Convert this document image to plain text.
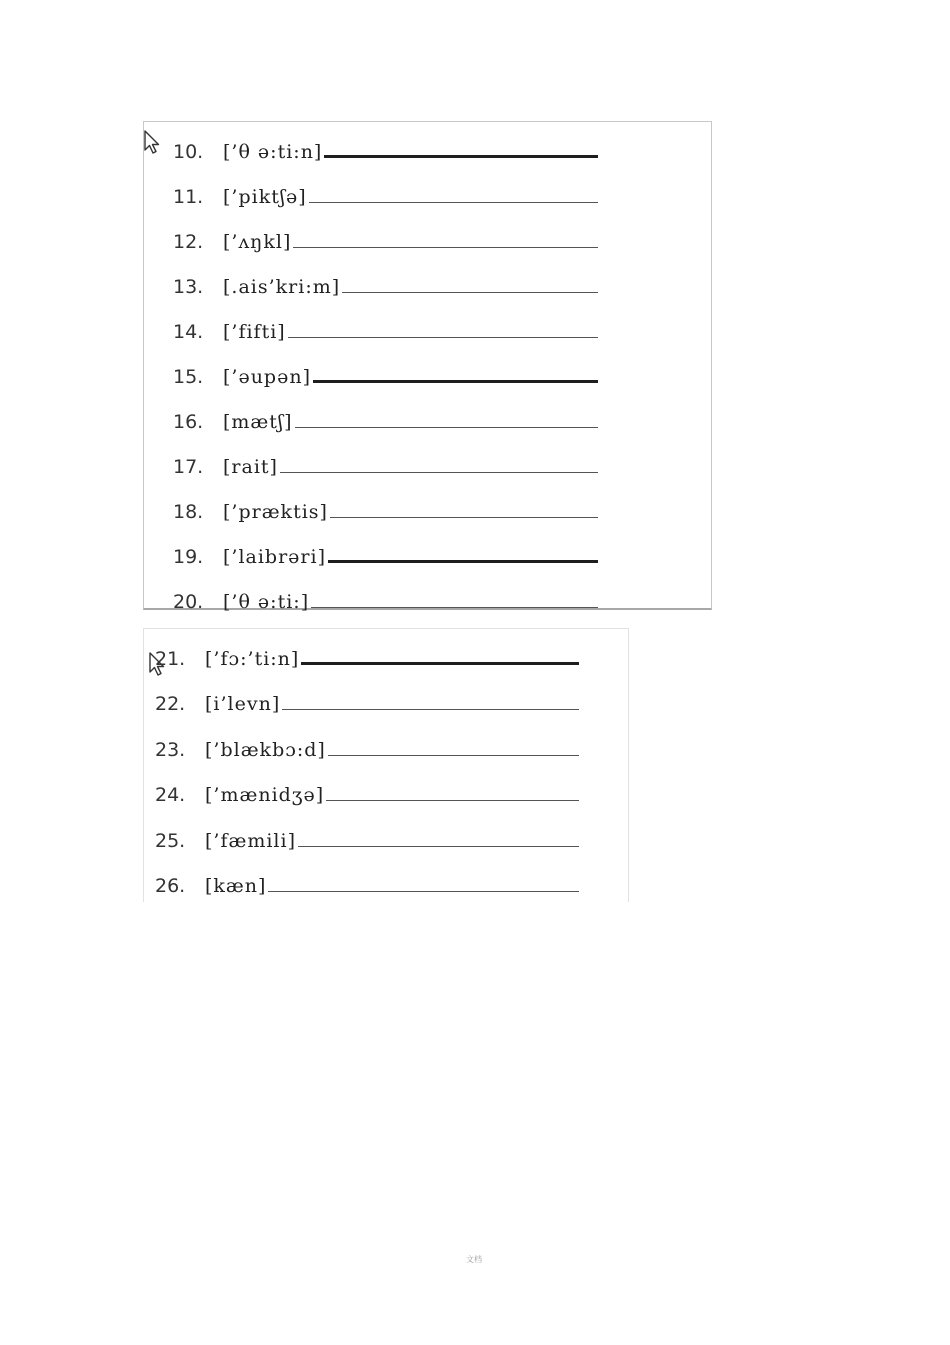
文档
10.	[’θ ə:ti:n]
11.	[’piktʃə]
12.	[’ʌŋkl]
13.	[.ais’kri:m]
14.	[’fifti]
15.	[’əupən]
16.	[mætʃ]
17.	[rait]
18.	[’præktis]
19.	[’laibrəri]
20.	[’θ ə:ti:]
21.	[’fɔ:’ti:n]
22.	[i’levn]
23.	[’blækbɔ:d]
24.	[’mænidʒə]
25.	[’fæmili]
26.	[kæn]
